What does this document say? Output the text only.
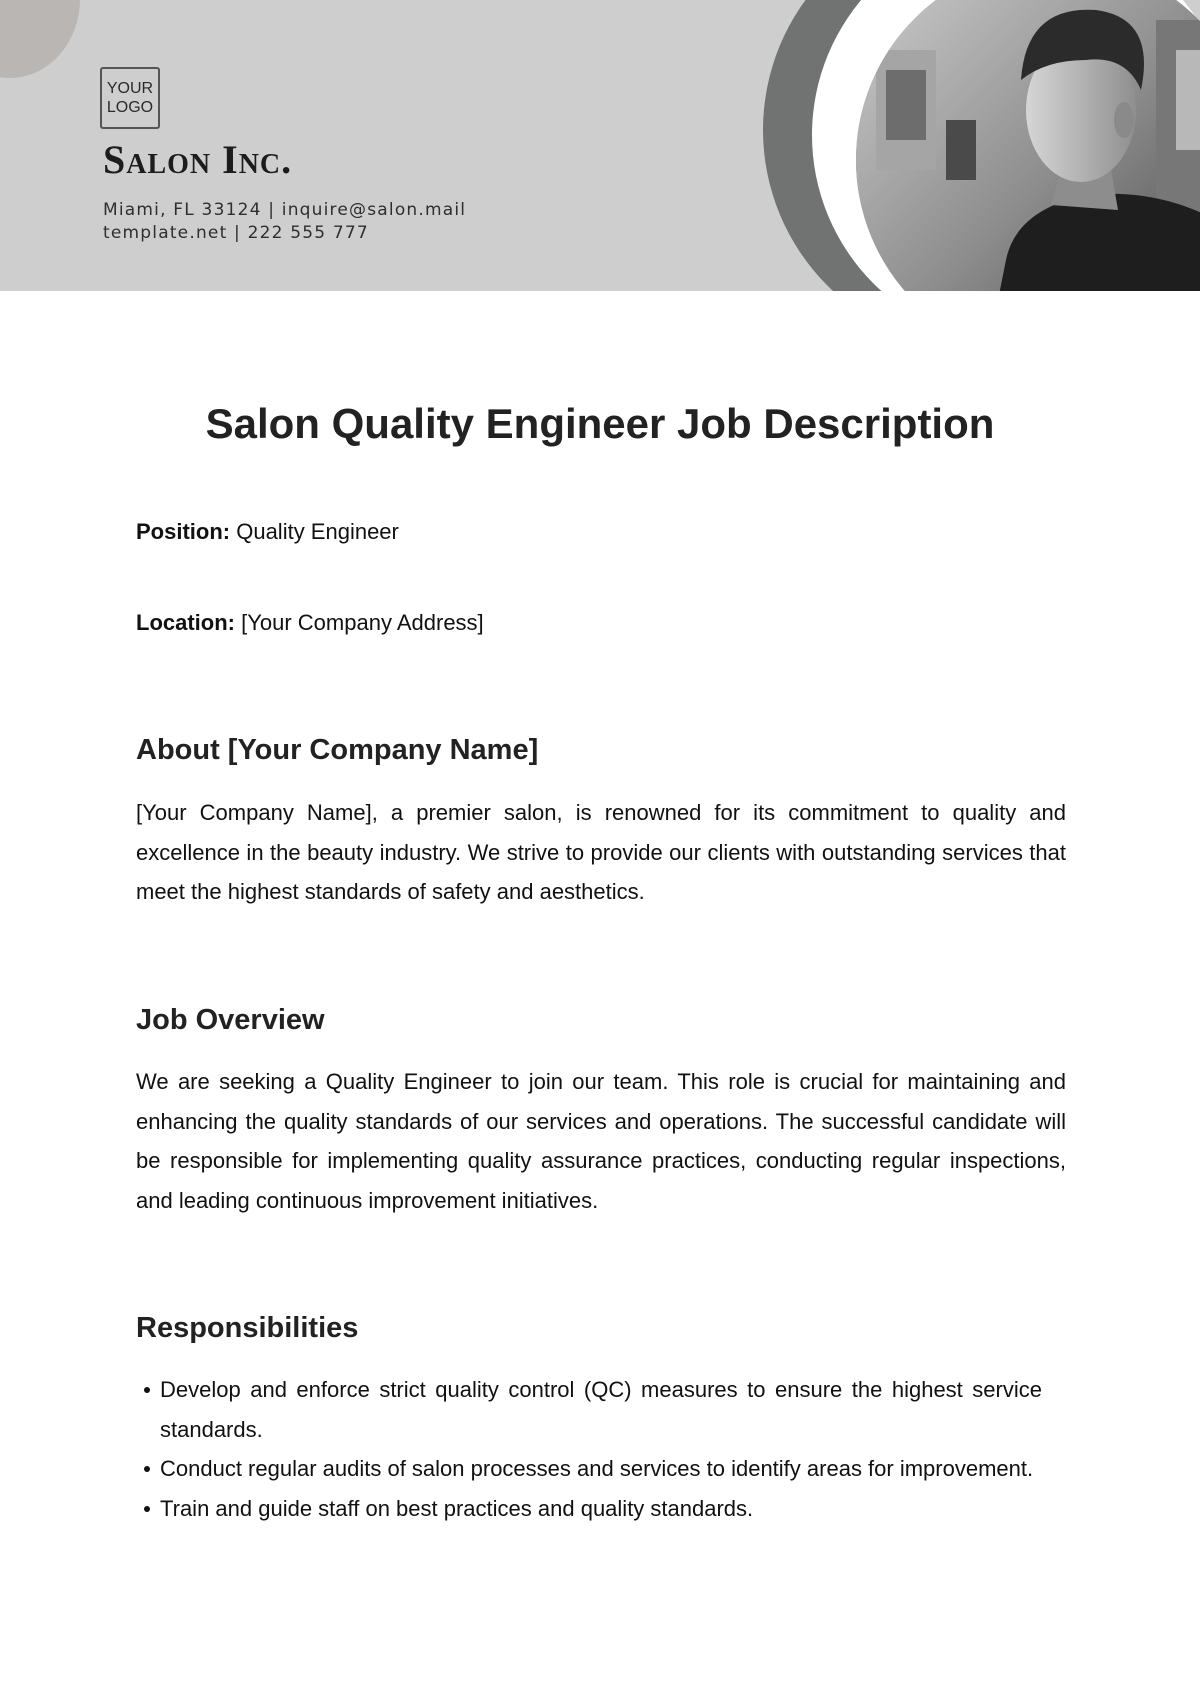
YOUR
LOGO
Salon Inc.
Miami, FL 33124 | inquire@salon.mail
template.net | 222 555 777
Salon Quality Engineer Job Description
Position: Quality Engineer
Location: [Your Company Address]
About [Your Company Name]

[Your Company Name], a premier salon, is renowned for its commitment to quality and excellence in the beauty industry. We strive to provide our clients with outstanding services that meet the highest standards of safety and aesthetics.

Job Overview

We are seeking a Quality Engineer to join our team. This role is crucial for maintaining and enhancing the quality standards of our services and operations. The successful candidate will be responsible for implementing quality assurance practices, conducting regular inspections, and leading continuous improvement initiatives.

Responsibilities
Develop and enforce strict quality control (QC) measures to ensure the highest service standards.
Conduct regular audits of salon processes and services to identify areas for improvement.
Train and guide staff on best practices and quality standards.
